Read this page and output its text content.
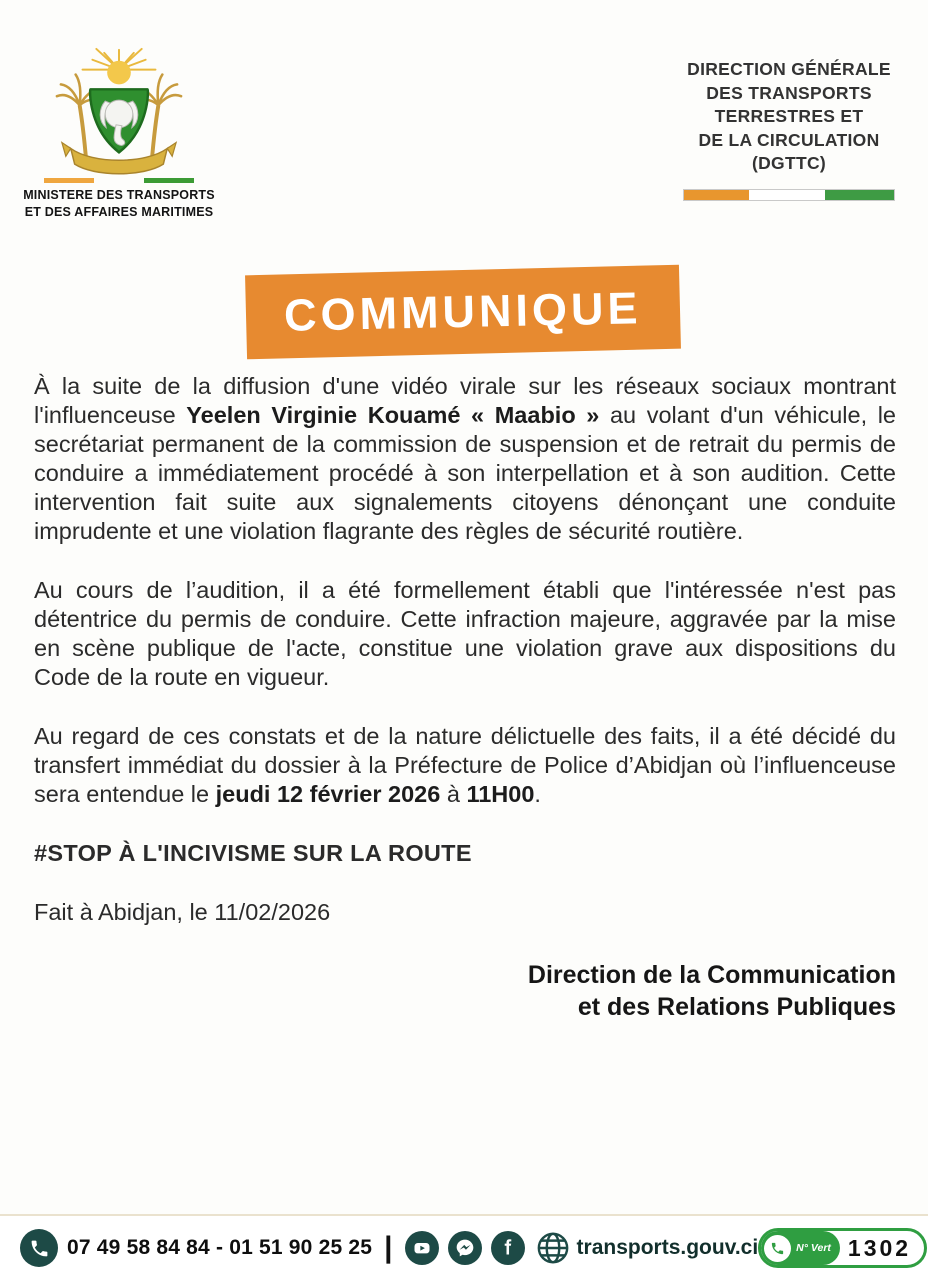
MINISTERE DES TRANSPORTS
ET DES AFFAIRES MARITIMES
DIRECTION GÉNÉRALE
DES TRANSPORTS
TERRESTRES ET
DE LA CIRCULATION
(DGTTC)
COMMUNIQUE

À la suite de la diffusion d'une vidéo virale sur les réseaux sociaux montrant l'influenceuse Yeelen Virginie Kouamé « Maabio » au volant d'un véhicule, le secrétariat permanent de la commission de suspension et de retrait du permis de conduire a immédiatement procédé à son interpellation et à son audition. Cette intervention fait suite aux signalements citoyens dénonçant une conduite imprudente et une violation flagrante des règles de sécurité routière.

Au cours de l’audition, il a été formellement établi que l'intéressée n'est pas détentrice du permis de conduire. Cette infraction majeure, aggravée par la mise en scène publique de l'acte, constitue une violation grave aux dispositions du Code de la route en vigueur.

Au regard de ces constats et de la nature délictuelle des faits, il a été décidé du transfert immédiat du dossier à la Préfecture de Police d’Abidjan où l’influenceuse sera entendue le jeudi 12 février 2026 à 11H00.

#STOP À L'INCIVISME SUR LA ROUTE

Fait à Abidjan, le 11/02/2026

Direction de la Communication
et des Relations Publiques
07 49 58 84 84 - 01 51 90 25 25 |	transports.gouv.ci	N° Vert 1302
